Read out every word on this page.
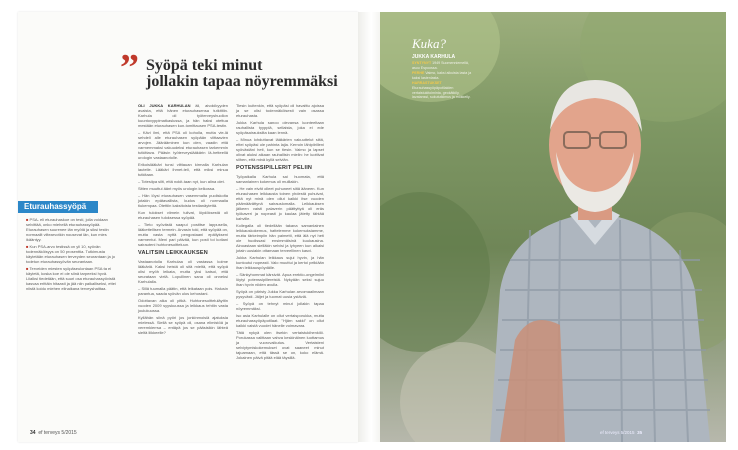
” Syöpä teki minut
jollakin tapaa nöyremmäksi

OLI JUKKA KARHULAN äli, aivokikyyden avaista, että hänen eturauhasensa tutkittiin. Karhula oli työterveyshuollon kuuntovyppimatkaslussa, ja hän haksi otettua mestään eturauhasen kun-tomittausen PSA-testin.

– Kävi ilmi, että PSA oli koholla, mutta vie-lä sehdeli alle eturauhasen syöpään viittaavien arvojen. Jäärääminen kun olen, vaadin että varmemmaksi vakuudeksi eturauhasen tarkemmin tutkittava. Pääsin työterveyslääkärin lä-hetteellä urologin vastaanotolle.

Erikoislääkäri tunsi viittauan kirmalla Karhulan lautelle. Lääkäri ihmet-teli, että miksi minua tutkitaan.

– Totesiipa silti, että nokit-taan nyt, kun alina olet.

Sitten muuttui äänt myös urologin kelkossa.

– Hän löysi eturauhasen vasemmalta puoliskolta jotakin epätavallista, kudos oli normaalia tiukempaa. Otettiin kaksitoista testianäytettä.

Kun tulokset viimein tulivat, löydöksestä oli eturauhasen tuloksessa syöpää.

– Tieto syövästä saapui postitse lappusella, lääkettellisen termein. Arvasin toki, että syöpää on, mutta vasta nyttä pengostaani epäilykseni varmentui. Meni pari päivää, kun posti toi kotiani sairauteni huhtonesoitteluun.

VALITSIN LEIKKAUKSEN

Vastaanotolla Karhulaa oli vastassa kolme lääkäriä. Kaksi heistä oli sitä mieltä, että syöpä olisi myöh leikata, mutta yksi katsoi, että seurataan vielä. Lopullinen sana oli onneksi Karhulalla.

– Sillä tuumalla päätin, että leikataan pois. Halusin parantua, saada syövän ulos kehostani.

Odottavan aika oli pitkä. Huhtonesoitteluläyttin vuoden 2009 syyskuussa ja leikkaus tehtiin vasta joulukuussa.

Kyllähän siinä pyöri jos jonkinmoisiä ajatuksia mielessä. Siellä se syöpä oli, osana elimistöä ja veremkierrsa – entäpä jos se pääsisikin lähteä sieltä liikkeelle?

Tiesin kuitenkin, että syöpäsi oli havaittu ajoissa ja se olisi todennäköisesti vain osassa eturauhasta.

Jukka Karhula sanoo olevansa luonteeltaan rauhallista tyyppiä, sellaista, joka ei ede syöpäsairauksilta kaan lennä.

– Minua lohduttavat lääkärien vakuuttelut siitä, ettei syöpäsi ole pahinta lajia. Kerroin lähipiirilleni syövästäni heti, kun se tiesin. Vaimo ja lapset olivat aluksi aikaan rauhallisin mielin: he luottivat siihen, että minä kyllä selviän.

POTENSSIPILLERIT PELIIN

Työpaikalla Karhula sai huomata, että samanlainen kokemus oli muillakin.

– He vain eivät olleet puhuneet siitä ääneen. Kun eturauhasen leikkausta toinen yhdestä puhuivat, että nyt minä olen ollut kaikki itse vuoden päämäärättynä sairauslomalla. Leikkauksen jälkeen vaisti palaverin päättyttyä oli eräs työkaveri ja nopeasti jo kaulaa jätetty tähtää kahville.

Kollegalla oli tiedellään takana samanlainen leikkauskokemus, hattelemme kokemuksiamme, mutta tärkeimpiin hän paimetti, että älä nyt heti ole huolissasi ensimmäisinä kuukausina. Ainoastaan sielläkin selvisi ja lyhyeen kun alkaisi jotain uusiakin ottamaan terveellinen kasvi.

Jukka Karhulan leikkaus sujui hyvin, ja hän kuntoutui nopeasti. Valo muuttui ja kertoi pelkiään ihan leikkauspöydälle.

– Sänkyhommat kärsivät. Apua erektio-ongelmiini löytyi potenssipillereistä. Nykyään seksi sujuu ihan hyvin niiden avulla.

Syöpä on päristy Jukka Karhulan arvomaailmaan pysyvästi. Jäljet ja tuomat uusia ystäviä.

– Syöpä on tehnyt minut jollakin tapaa nöyremmäksi.

Iso asia Karhulalle on ollut vertaisporukka, mutta eturauhassyöpäpotilaat. "Hjärn sakki" on ollut kaikki vaistä vuodet hänelle voimavara.

Tätä nykyä olen itsekin vertaistukihenkilö. Porukassa valittaan vahva keskinäinen luottamus ja vuorovaikutus. Vertaisteni selviytymiskokemukset ovat saaneet minut tajuamaan, että tässä se on, koko elämä. Jokainen päivä pitää elää täysillä.

Eturauhassyöpä

■ PSA- eli eturauhaskoe on testi, jolla voidaan selvittää, onko miehellä eturauhassyöpää. Eturauhasen suurenee iän myötä ja siksi testin normaalit viitearvotkin nousevat iän, kun mies ikääntyy.

■ Kun PSA-arvo testissä on yli 10, syövän todennäköisyys on 50 prosenttia. Tutkimusta käytetään eturauhasen terveyden seurantaan ja jo todetun eturauhassyövän seurantaan.

■ Terveiden miesten syöpäseulontaan PSA:ta ei käytetä, koska koe ei ole siinä tarpeeksi hyvä. Liialksi tiedetään, että suuri osa eturauhassyövistä kasvaa erittäin hitaasti ja jää niin paikalliseksi, ettei niistä koidu miehen elinaikana terveyshaittaa.

34 ef terveys 5/2015
Kuka?
JUKKA KARHULA
SYNTYNYT 1949 Suomenniemellä, asuu Espoossa.
PERHE Vaimo, kaksi aikuista lasta ja kaksi lastenlasta.
HARRASTUKSET Eturauhassyöpäpotilaiden vertaistukitoiminta, geokätkily, lavatanssi, sukututkimus ja mökkeily.
ef terveys 5/2015 35
